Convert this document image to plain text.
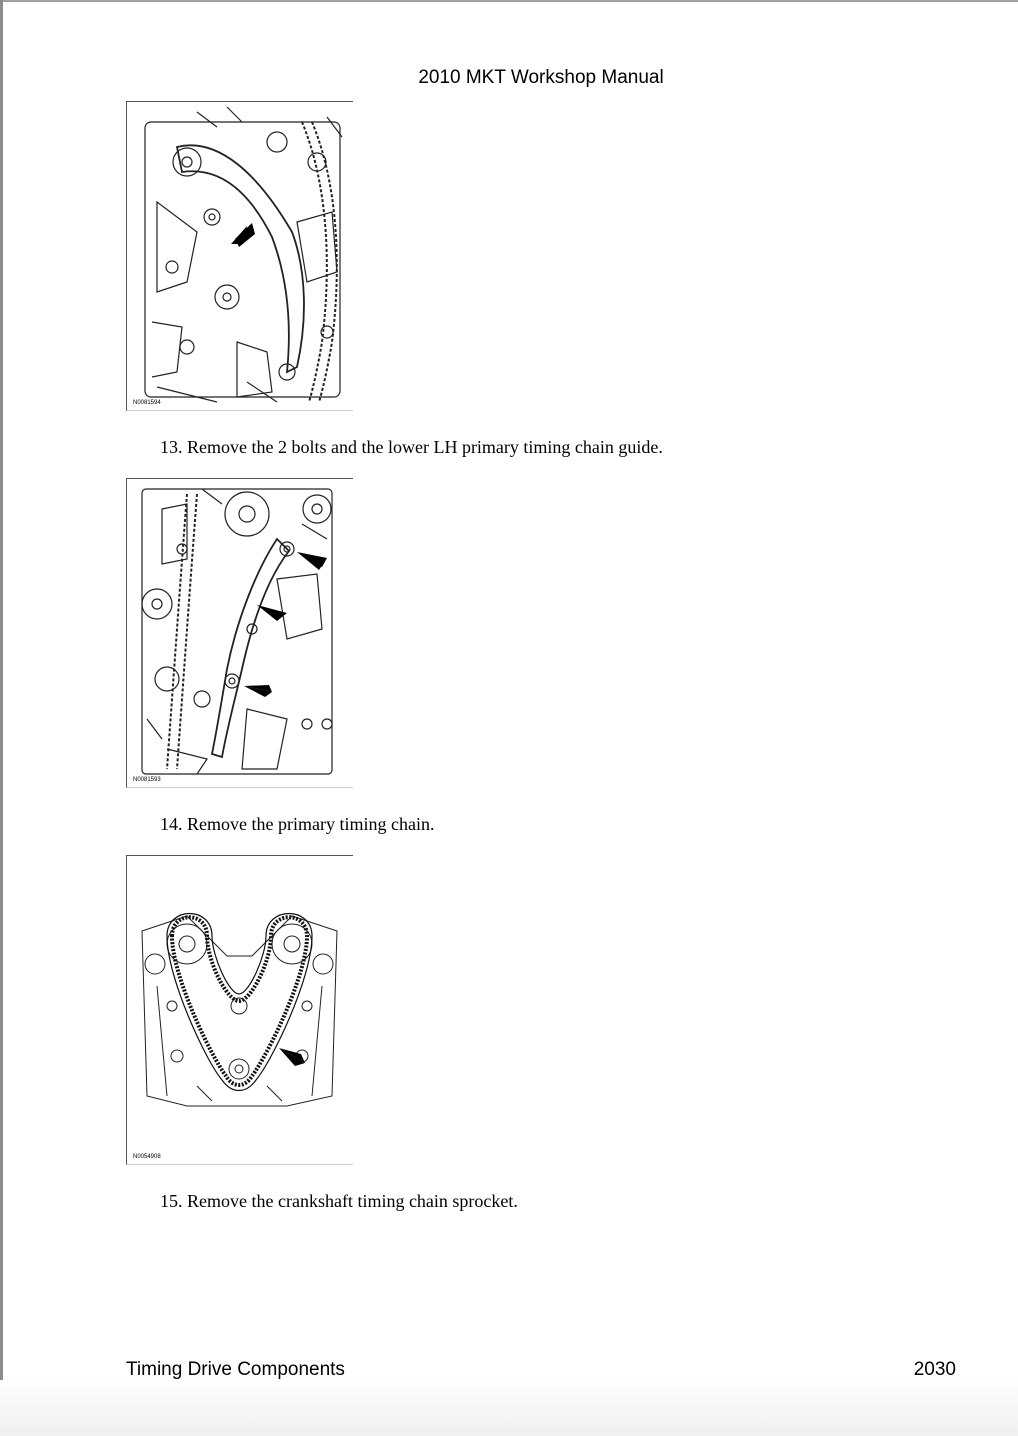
2010 MKT Workshop Manual
N0081594
13. Remove the 2 bolts and the lower LH primary timing chain guide.
N0081593
14. Remove the primary timing chain.
N0054908
15. Remove the crankshaft timing chain sprocket.
Timing Drive Components	2030
